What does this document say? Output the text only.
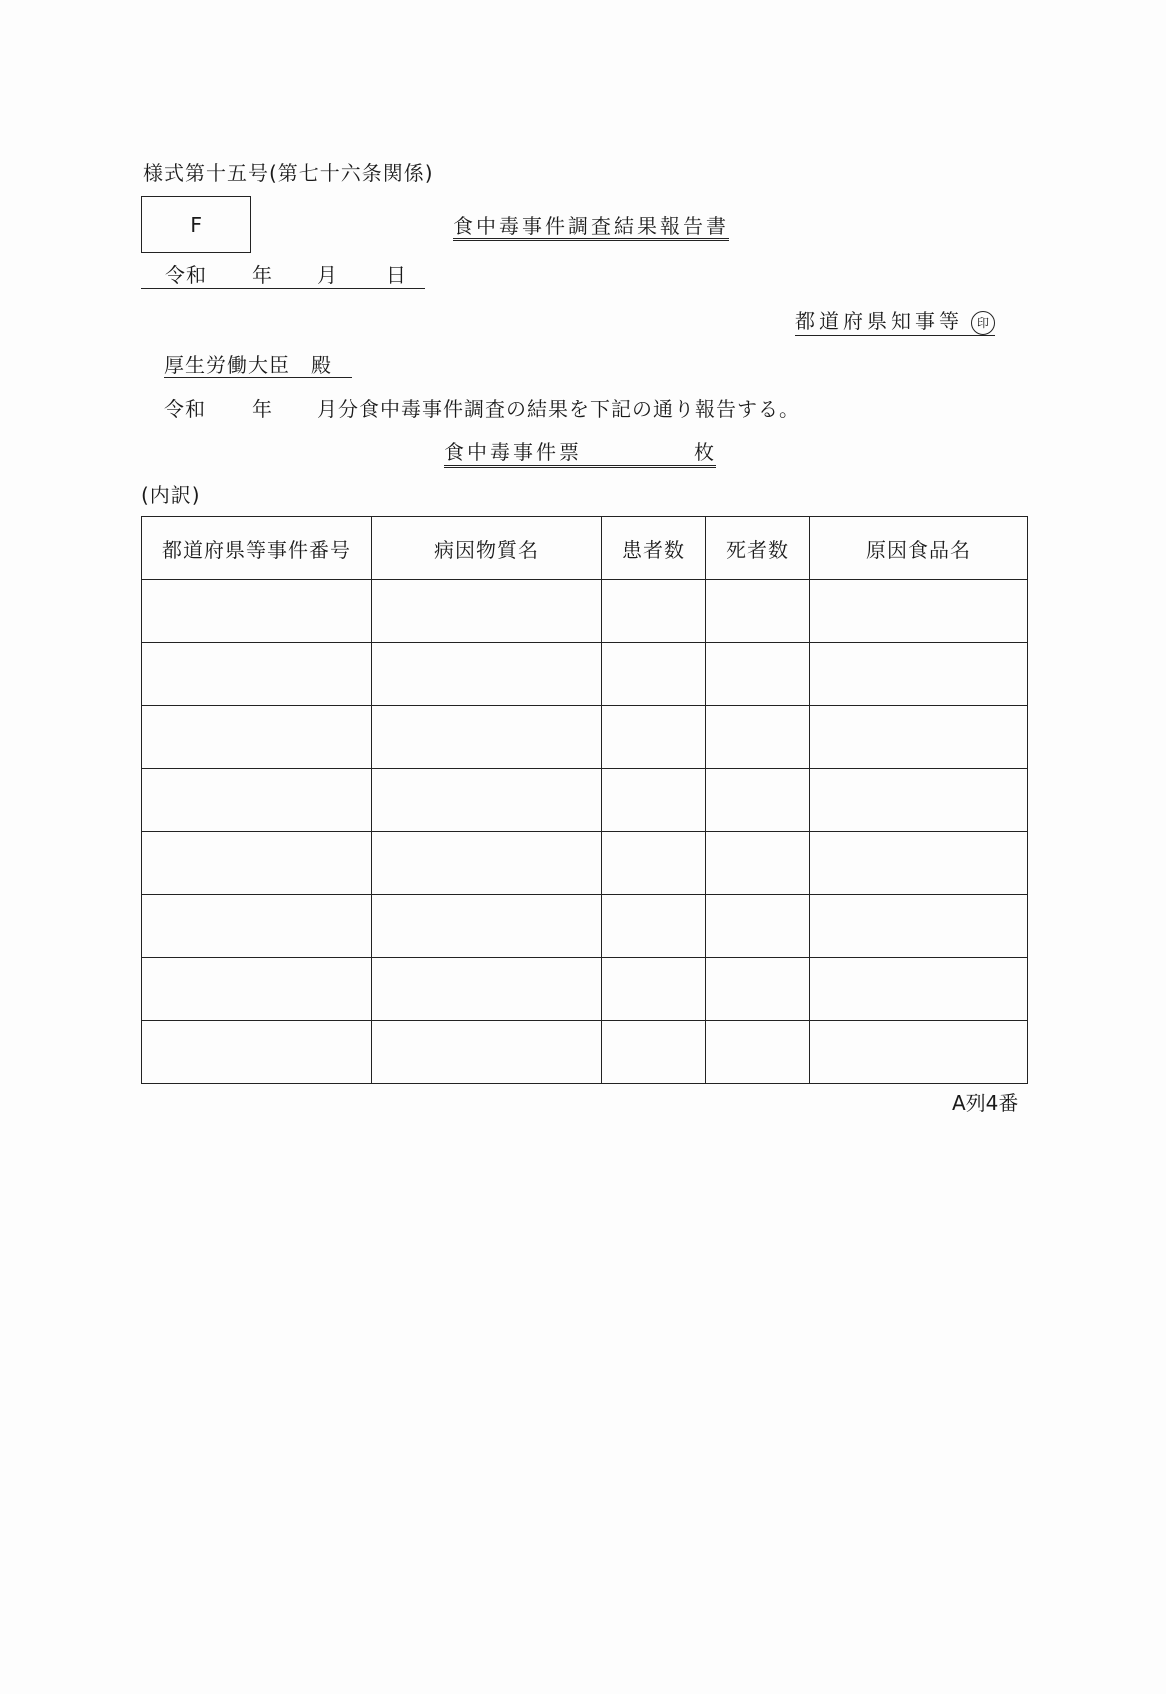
様式第十五号(第七十六条関係)
F	食中毒事件調査結果報告書
令和 年 月 日
都道府県知事等 印
厚生労働大臣　殿
令和 年 月分食中毒事件調査の結果を下記の通り報告する。
食中毒事件票	枚
(内訳)
都道府県等事件番号	病因物質名	患者数	死者数	原因食品名

A列4番
